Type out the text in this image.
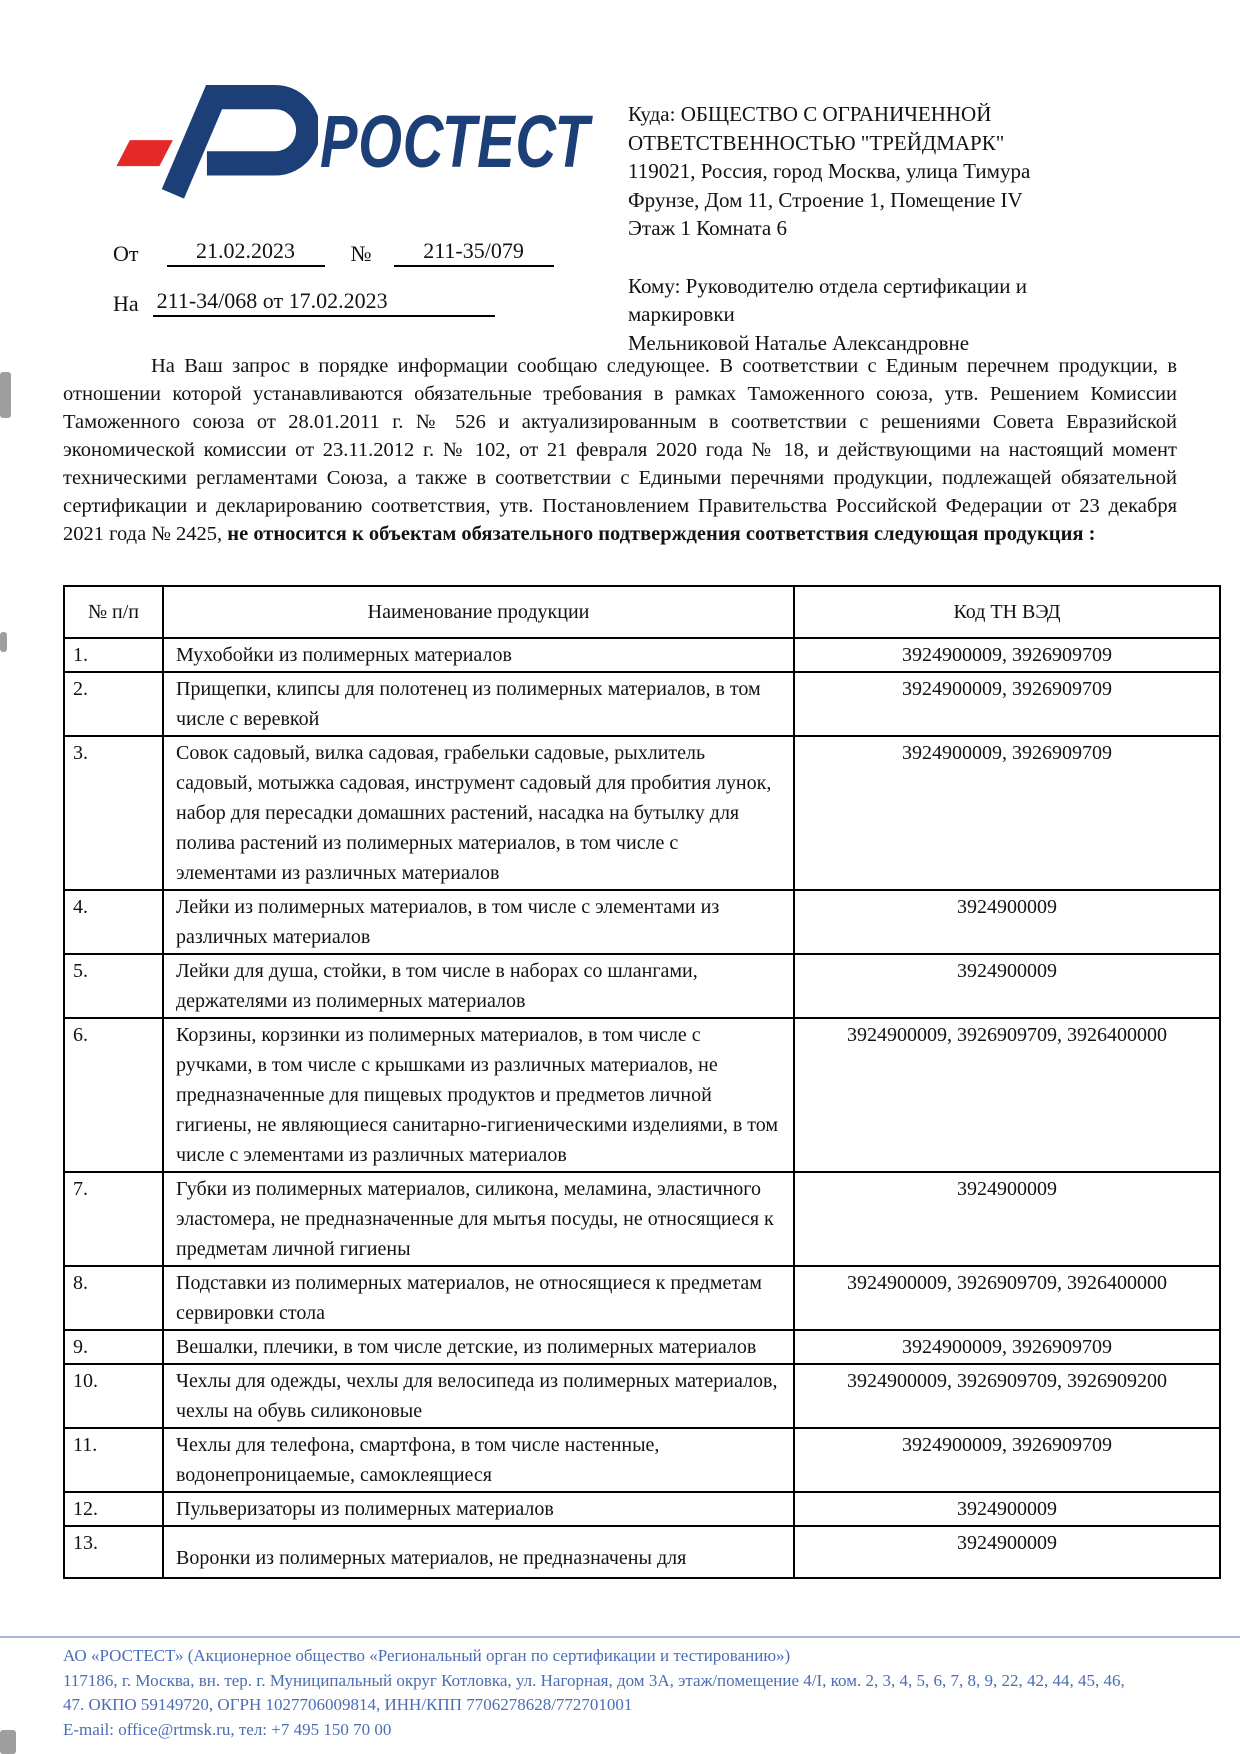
РОСТЕСТ
От	21.02.2023	№	211-35/079
На 211-34/068 от 17.02.2023
Куда: ОБЩЕСТВО С ОГРАНИЧЕННОЙ
ОТВЕТСТВЕННОСТЬЮ "ТРЕЙДМАРК"
119021, Россия, город Москва, улица Тимура
Фрунзе, Дом 11, Строение 1, Помещение IV
Этаж 1 Комната 6
Кому: Руководителю отдела сертификации и
маркировки
Мельниковой Наталье Александровне
На Ваш запрос в порядке информации сообщаю следующее. В соответствии с Единым перечнем продукции, в отношении которой устанавливаются обязательные требования в рамках Таможенного союза, утв. Решением Комиссии Таможенного союза от 28.01.2011 г. № 526 и актуализированным в соответствии с решениями Совета Евразийской экономической комиссии от 23.11.2012 г. № 102, от 21 февраля 2020 года № 18, и действующими на настоящий момент техническими регламентами Союза, а также в соответствии с Едиными перечнями продукции, подлежащей обязательной сертификации и декларированию соответствия, утв. Постановлением Правительства Российской Федерации от 23 декабря 2021 года № 2425, не относится к объектам обязательного подтверждения соответствия следующая продукция :
№ п/п	Наименование продукции	Код ТН ВЭД
1.	Мухобойки из полимерных материалов	3924900009, 3926909709
2.	Прищепки, клипсы для полотенец из полимерных материалов, в том числе с веревкой	3924900009, 3926909709
3.	Совок садовый, вилка садовая, грабельки садовые, рыхлитель садовый, мотыжка садовая, инструмент садовый для пробития лунок, набор для пересадки домашних растений, насадка на бутылку для полива растений из полимерных материалов, в том числе с элементами из различных материалов	3924900009, 3926909709
4.	Лейки из полимерных материалов, в том числе с элементами из различных материалов	3924900009
5.	Лейки для душа, стойки, в том числе в наборах со шлангами, держателями из полимерных материалов	3924900009
6.	Корзины, корзинки из полимерных материалов, в том числе с ручками, в том числе с крышками из различных материалов, не предназначенные для пищевых продуктов и предметов личной гигиены, не являющиеся санитарно-гигиеническими изделиями, в том числе с элементами из различных материалов	3924900009, 3926909709, 3926400000
7.	Губки из полимерных материалов, силикона, меламина, эластичного эластомера, не предназначенные для мытья посуды, не относящиеся к предметам личной гигиены	3924900009
8.	Подставки из полимерных материалов, не относящиеся к предметам сервировки стола	3924900009, 3926909709, 3926400000
9.	Вешалки, плечики, в том числе детские, из полимерных материалов	3924900009, 3926909709
10.	Чехлы для одежды, чехлы для велосипеда из полимерных материалов, чехлы на обувь силиконовые	3924900009, 3926909709, 3926909200
11.	Чехлы для телефона, смартфона, в том числе настенные, водонепроницаемые, самоклеящиеся	3924900009, 3926909709
12.	Пульверизаторы из полимерных материалов	3924900009
13.	Воронки из полимерных материалов, не предназначены для	3924900009
АО «РОСТЕСТ» (Акционерное общество «Региональный орган по сертификации и тестированию»)
117186, г. Москва, вн. тер. г. Муниципальный округ Котловка, ул. Нагорная, дом 3А, этаж/помещение 4/I, ком. 2, 3, 4, 5, 6, 7, 8, 9, 22, 42, 44, 45, 46,
47. ОКПО 59149720, ОГРН 1027706009814, ИНН/КПП 7706278628/772701001
E-mail: office@rtmsk.ru, тел: +7 495 150 70 00
